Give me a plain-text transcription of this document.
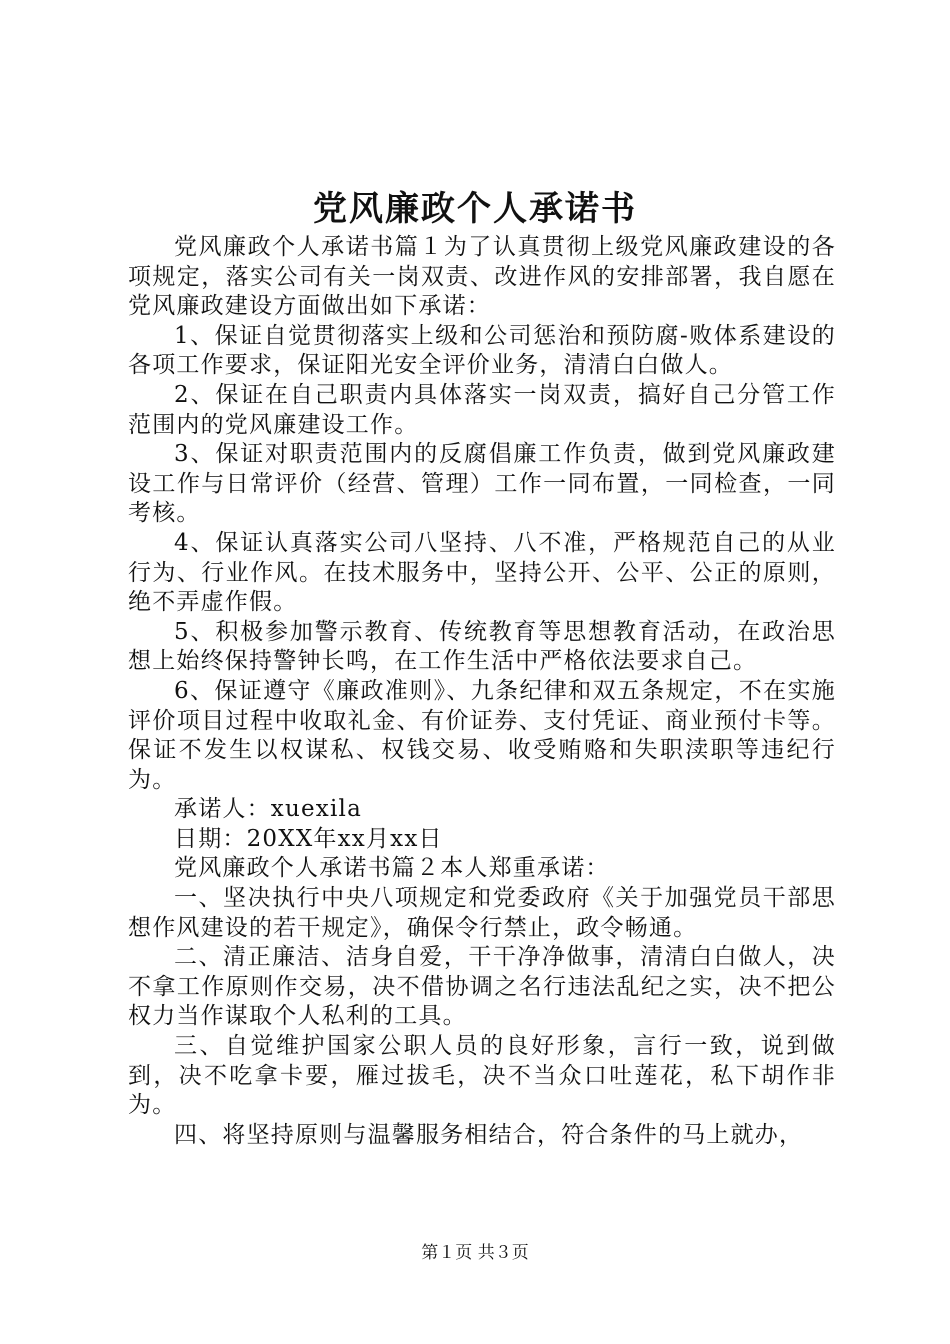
党风廉政个人承诺书

党风廉政个人承诺书篇１为了认真贯彻上级党风廉政建设的各项规定，落实公司有关一岗双责、改进作风的安排部署，我自愿在党风廉政建设方面做出如下承诺：

1、保证自觉贯彻落实上级和公司惩治和预防腐-败体系建设的各项工作要求，保证阳光安全评价业务，清清白白做人。

2、保证在自己职责内具体落实一岗双责，搞好自己分管工作范围内的党风廉建设工作。

3、保证对职责范围内的反腐倡廉工作负责，做到党风廉政建设工作与日常评价（经营、管理）工作一同布置，一同检查，一同考核。

4、保证认真落实公司八坚持、八不准，严格规范自己的从业行为、行业作风。在技术服务中，坚持公开、公平、公正的原则，绝不弄虚作假。

5、积极参加警示教育、传统教育等思想教育活动，在政治思想上始终保持警钟长鸣，在工作生活中严格依法要求自己。

6、保证遵守《廉政准则》、九条纪律和双五条规定，不在实施评价项目过程中收取礼金、有价证券、支付凭证、商业预付卡等。保证不发生以权谋私、权钱交易、收受贿赂和失职渎职等违纪行为。

承诺人：xuexila

日期：20XX年xx月xx日

党风廉政个人承诺书篇２本人郑重承诺：

一、坚决执行中央八项规定和党委政府《关于加强党员干部思想作风建设的若干规定》，确保令行禁止，政令畅通。

二、清正廉洁、洁身自爱，干干净净做事，清清白白做人，决不拿工作原则作交易，决不借协调之名行违法乱纪之实，决不把公权力当作谋取个人私利的工具。

三、自觉维护国家公职人员的良好形象，言行一致，说到做到，决不吃拿卡要，雁过拔毛，决不当众口吐莲花，私下胡作非为。

四、将坚持原则与温馨服务相结合，符合条件的马上就办，

第１页 共３页
